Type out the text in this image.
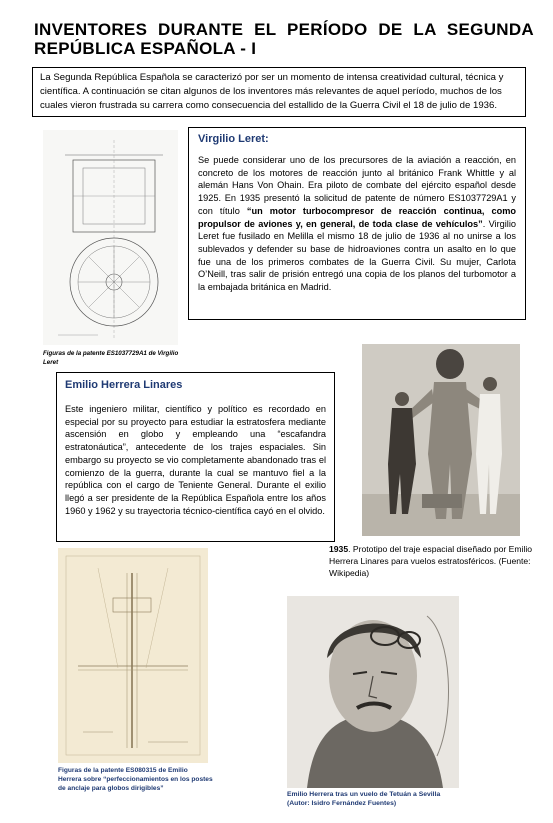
INVENTORES DURANTE EL PERÍODO DE LA SEGUNDA
REPÚBLICA ESPAÑOLA - I
La Segunda República Española se caracterizó por ser un momento de intensa creatividad cultural, técnica y científica. A continuación se citan algunos de los inventores más relevantes de aquel período, muchos de los cuales vieron frustrada su carrera como consecuencia del estallido de la Guerra Civil el 18 de julio de 1936.
Figuras de la patente ES1037729A1 de Virgilio Leret
Virgilio Leret:

Se puede considerar uno de los precursores de la aviación a reacción, en concreto de los motores de reacción junto al británico Frank Whittle y al alemán Hans Von Ohain. Era piloto de combate del ejército español desde 1925. En 1935 presentó la solicitud de patente de número ES1037729A1 y con título “un motor turbocompresor de reacción continua, como propulsor de aviones y, en general, de toda clase de vehículos”. Virgilio Leret fue fusilado en Melilla el mismo 18 de julio de 1936 al no unirse a los sublevados y defender su base de hidroaviones contra un asalto en lo que fue una de los primeros combates de la Guerra Civil. Su mujer, Carlota O’Neill, tras salir de prisión entregó una copia de los planos del turbomotor a la embajada británica en Madrid.

1935. Prototipo del traje espacial diseñado por Emilio Herrera Linares para vuelos estratosféricos. (Fuente: Wikipedia)
Emilio Herrera Linares

Este ingeniero militar, científico y político es recordado en especial por su proyecto para estudiar la estratosfera mediante ascensión en globo y empleando una “escafandra estratonáutica”, antecedente de los trajes espaciales. Sin embargo su proyecto se vio completamente abandonado tras el comienzo de la guerra, durante la cual se mantuvo fiel a la república con el cargo de Teniente General. Durante el exilio llegó a ser presidente de la República Española entre los años 1960 y 1962 y su trayectoria técnico-científica cayó en el olvido.

Figuras de la patente ES080315 de Emilio Herrera sobre “perfeccionamientos en los postes de anclaje para globos dirigibles”
Emilio Herrera tras un vuelo de Tetuán a Sevilla (Autor: Isidro Fernández Fuentes)
